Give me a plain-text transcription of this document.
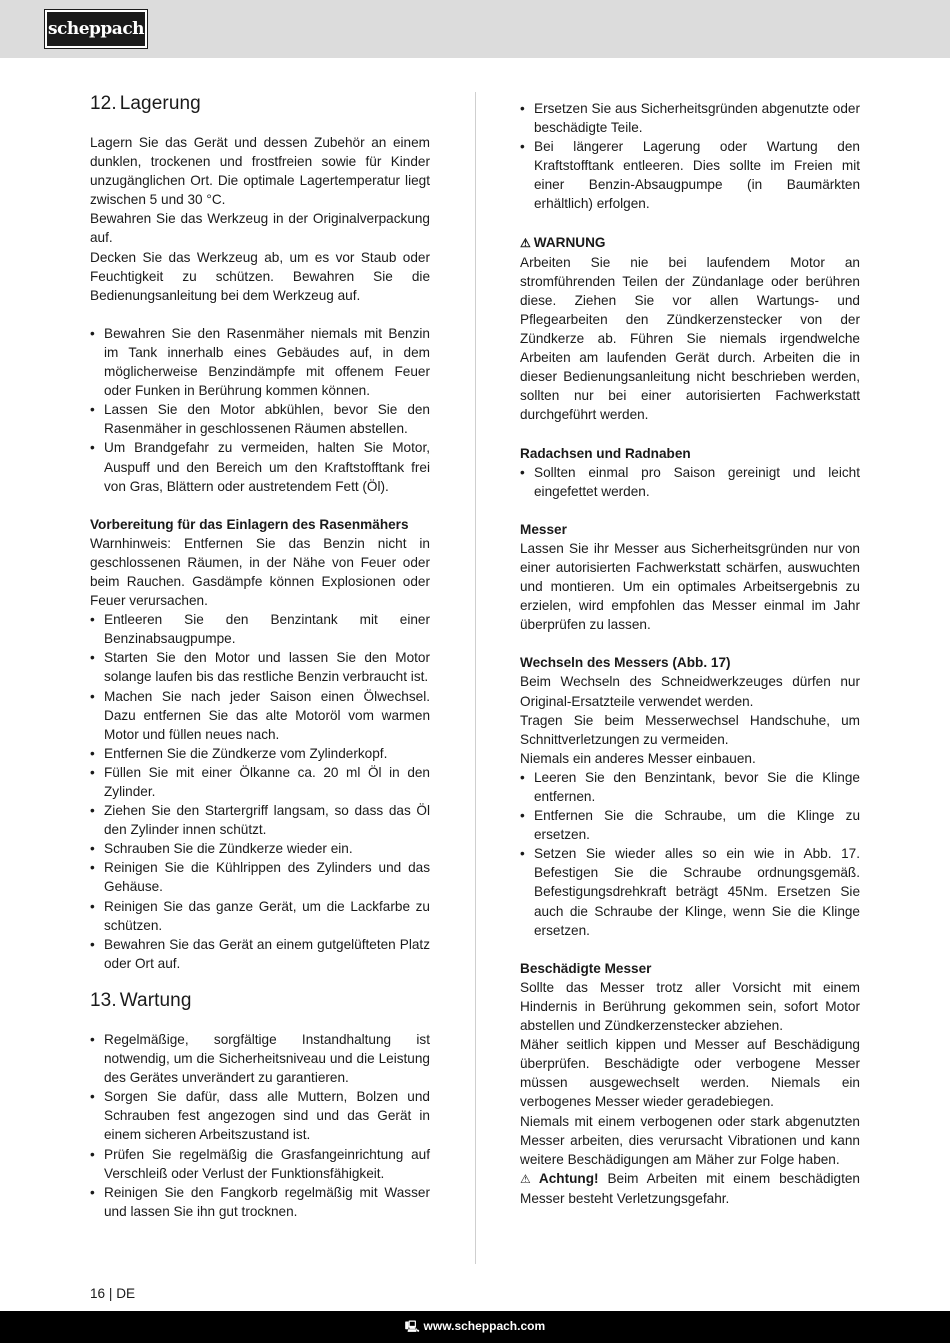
scheppach
12. Lagerung

Lagern Sie das Gerät und dessen Zubehör an einem dunklen, trockenen und frostfreien sowie für Kinder unzugänglichen Ort. Die optimale Lagertemperatur liegt zwischen 5 und 30 °C.

Bewahren Sie das Werkzeug in der Originalverpackung auf.

Decken Sie das Werkzeug ab, um es vor Staub oder Feuchtigkeit zu schützen. Bewahren Sie die Bedienungsanleitung bei dem Werkzeug auf.

• Bewahren Sie den Rasenmäher niemals mit Benzin im Tank innerhalb eines Gebäudes auf, in dem möglicherweise Benzindämpfe mit offenem Feuer oder Funken in Berührung kommen können.
• Lassen Sie den Motor abkühlen, bevor Sie den Rasenmäher in geschlossenen Räumen abstellen.
• Um Brandgefahr zu vermeiden, halten Sie Motor, Auspuff und den Bereich um den Kraftstofftank frei von Gras, Blättern oder austretendem Fett (Öl).

Vorbereitung für das Einlagern des Rasenmähers

Warnhinweis: Entfernen Sie das Benzin nicht in geschlossenen Räumen, in der Nähe von Feuer oder beim Rauchen. Gasdämpfe können Explosionen oder Feuer verursachen.

• Entleeren Sie den Benzintank mit einer Benzinabsaugpumpe.
• Starten Sie den Motor und lassen Sie den Motor solange laufen bis das restliche Benzin verbraucht ist.
• Machen Sie nach jeder Saison einen Ölwechsel. Dazu entfernen Sie das alte Motoröl vom warmen Motor und füllen neues nach.
• Entfernen Sie die Zündkerze vom Zylinderkopf.
• Füllen Sie mit einer Ölkanne ca. 20 ml Öl in den Zylinder.
• Ziehen Sie den Startergriff langsam, so dass das Öl den Zylinder innen schützt.
• Schrauben Sie die Zündkerze wieder ein.
• Reinigen Sie die Kühlrippen des Zylinders und das Gehäuse.
• Reinigen Sie das ganze Gerät, um die Lackfarbe zu schützen.
• Bewahren Sie das Gerät an einem gutgelüfteten Platz oder Ort auf.
13. Wartung
• Regelmäßige, sorgfältige Instandhaltung ist notwendig, um die Sicherheitsniveau und die Leistung des Gerätes unverändert zu garantieren.
• Sorgen Sie dafür, dass alle Muttern, Bolzen und Schrauben fest angezogen sind und das Gerät in einem sicheren Arbeitszustand ist.
• Prüfen Sie regelmäßig die Grasfangeinrichtung auf Verschleiß oder Verlust der Funktionsfähigkeit.
• Reinigen Sie den Fangkorb regelmäßig mit Wasser und lassen Sie ihn gut trocknen.
• Ersetzen Sie aus Sicherheitsgründen abgenutzte oder beschädigte Teile.
• Bei längerer Lagerung oder Wartung den Kraftstofftank entleeren. Dies sollte im Freien mit einer Benzin-Absaugpumpe (in Baumärkten erhältlich) erfolgen.

⚠ WARNUNG

Arbeiten Sie nie bei laufendem Motor an stromführenden Teilen der Zündanlage oder berühren diese. Ziehen Sie vor allen Wartungs- und Pflegearbeiten den Zündkerzenstecker von der Zündkerze ab. Führen Sie niemals irgendwelche Arbeiten am laufenden Gerät durch. Arbeiten die in dieser Bedienungsanleitung nicht beschrieben werden, sollten nur bei einer autorisierten Fachwerkstatt durchgeführt werden.

Radachsen und Radnaben

• Sollten einmal pro Saison gereinigt und leicht eingefettet werden.

Messer

Lassen Sie ihr Messer aus Sicherheitsgründen nur von einer autorisierten Fachwerkstatt schärfen, auswuchten und montieren. Um ein optimales Arbeitsergebnis zu erzielen, wird empfohlen das Messer einmal im Jahr überprüfen zu lassen.

Wechseln des Messers (Abb. 17)

Beim Wechseln des Schneidwerkzeuges dürfen nur Original-Ersatzteile verwendet werden.

Tragen Sie beim Messerwechsel Handschuhe, um Schnittverletzungen zu vermeiden.

Niemals ein anderes Messer einbauen.

• Leeren Sie den Benzintank, bevor Sie die Klinge entfernen.
• Entfernen Sie die Schraube, um die Klinge zu ersetzen.
• Setzen Sie wieder alles so ein wie in Abb. 17. Befestigen Sie die Schraube ordnungsgemäß. Befestigungsdrehkraft beträgt 45Nm. Ersetzen Sie auch die Schraube der Klinge, wenn Sie die Klinge ersetzen.

Beschädigte Messer

Sollte das Messer trotz aller Vorsicht mit einem Hindernis in Berührung gekommen sein, sofort Motor abstellen und Zündkerzenstecker abziehen.

Mäher seitlich kippen und Messer auf Beschädigung überprüfen. Beschädigte oder verbogene Messer müssen ausgewechselt werden. Niemals ein verbogenes Messer wieder geradebiegen.

Niemals mit einem verbogenen oder stark abgenutzten Messer arbeiten, dies verursacht Vibrationen und kann weitere Beschädigungen am Mäher zur Folge haben.

⚠ Achtung! Beim Arbeiten mit einem beschädigten Messer besteht Verletzungsgefahr.

16 | DE
🖳 www.scheppach.com
